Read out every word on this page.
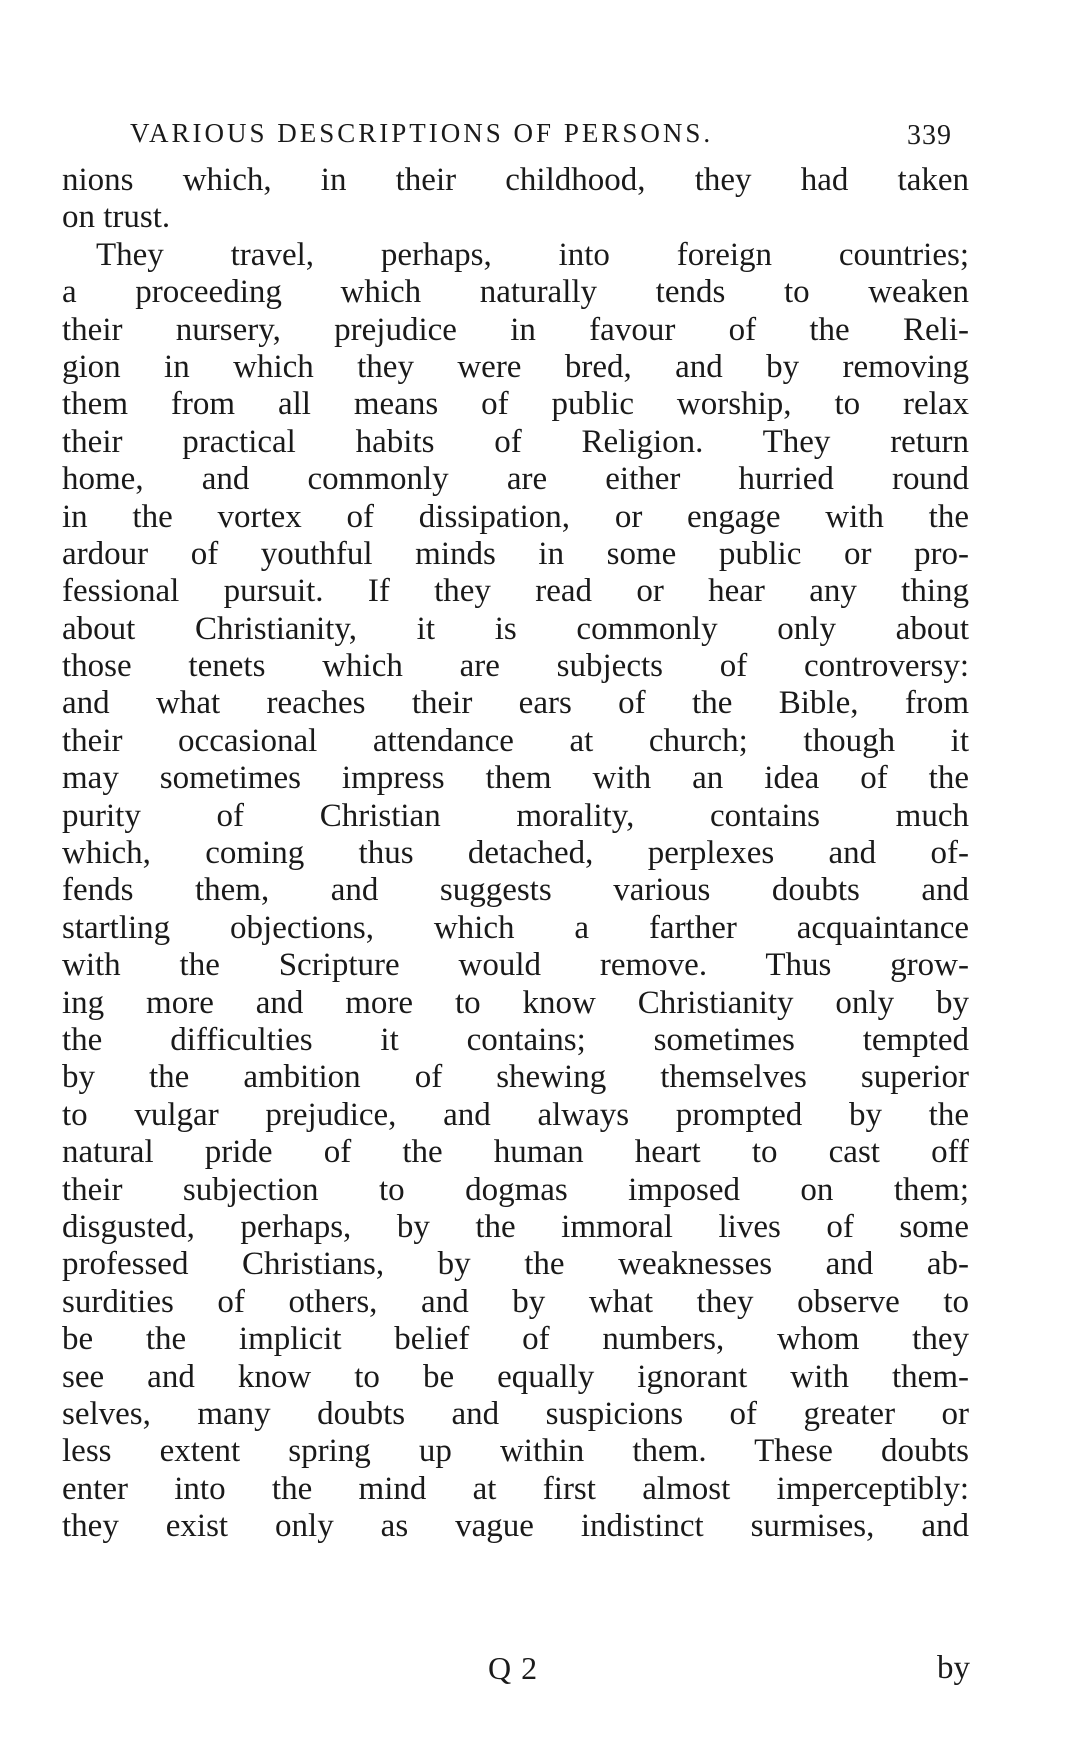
VARIOUS DESCRIPTIONS OF PERSONS.	339
nions which, in their childhood, they had taken
on trust.
They travel, perhaps, into foreign countries;
a proceeding which naturally tends to weaken
their nursery, prejudice in favour of the Reli-
gion in which they were bred, and by removing
them from all means of public worship, to relax
their practical habits of Religion. They return
home, and commonly are either hurried round
in the vortex of dissipation, or engage with the
ardour of youthful minds in some public or pro-
fessional pursuit. If they read or hear any thing
about Christianity, it is commonly only about
those tenets which are subjects of controversy:
and what reaches their ears of the Bible, from
their occasional attendance at church; though it
may sometimes impress them with an idea of the
purity of Christian morality, contains much
which, coming thus detached, perplexes and of-
fends them, and suggests various doubts and
startling objections, which a farther acquaintance
with the Scripture would remove. Thus grow-
ing more and more to know Christianity only by
the difficulties it contains; sometimes tempted
by the ambition of shewing themselves superior
to vulgar prejudice, and always prompted by the
natural pride of the human heart to cast off
their subjection to dogmas imposed on them;
disgusted, perhaps, by the immoral lives of some
professed Christians, by the weaknesses and ab-
surdities of others, and by what they observe to
be the implicit belief of numbers, whom they
see and know to be equally ignorant with them-
selves, many doubts and suspicions of greater or
less extent spring up within them. These doubts
enter into the mind at first almost imperceptibly:
they exist only as vague indistinct surmises, and
Q 2	by
